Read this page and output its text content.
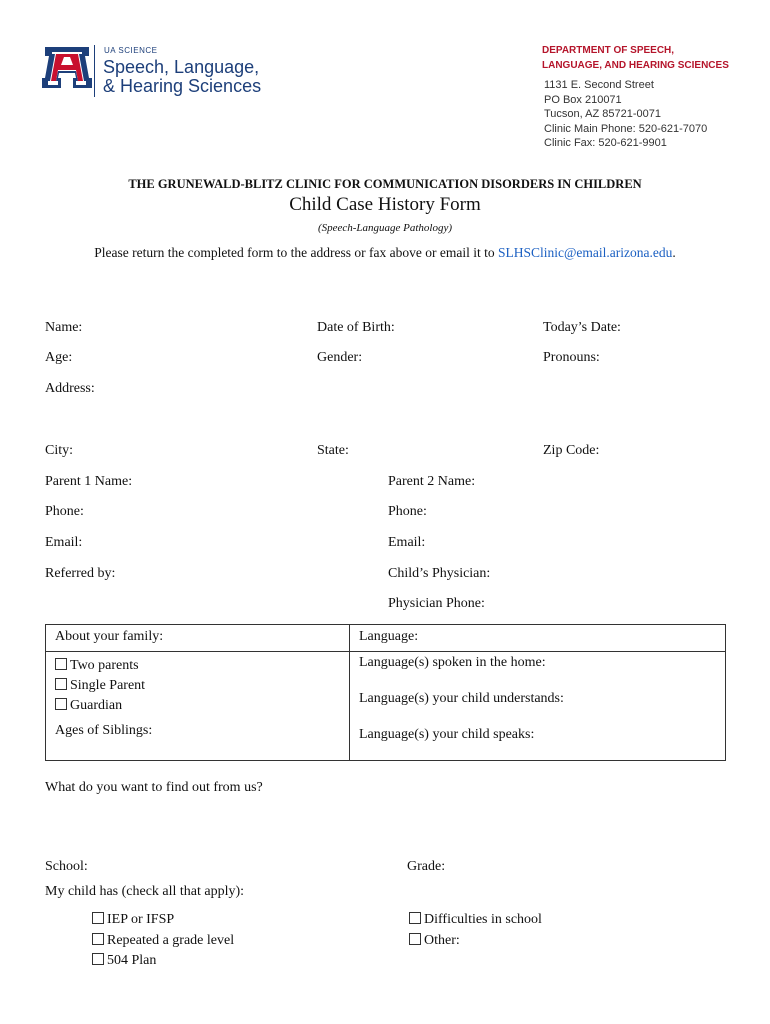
UA SCIENCE
Speech, Language,
& Hearing Sciences
DEPARTMENT OF SPEECH,
LANGUAGE, AND HEARING SCIENCES
1131 E. Second Street
PO Box 210071
Tucson, AZ 85721-0071
Clinic Main Phone: 520-621-7070
Clinic Fax: 520-621-9901
THE GRUNEWALD-BLITZ CLINIC FOR COMMUNICATION DISORDERS IN CHILDREN
Child Case History Form
(Speech-Language Pathology)
Please return the completed form to the address or fax above or email it to SLHSClinic@email.arizona.edu.
Name:	Date of Birth:	Today’s Date:
Age:	Gender:	Pronouns:
Address:
City:	State:	Zip Code:
Parent 1 Name:	Parent 2 Name:
Phone:	Phone:
Email:	Email:
Referred by:	Child’s Physician:
Physician Phone:
About your family:	Language:
Two parents
Single Parent
Guardian
Ages of Siblings:
Language(s) spoken in the home:
Language(s) your child understands:
Language(s) your child speaks:
What do you want to find out from us?
School:	Grade:
My child has (check all that apply):
IEP or IFSP
Repeated a grade level
504 Plan
Difficulties in school
Other:
